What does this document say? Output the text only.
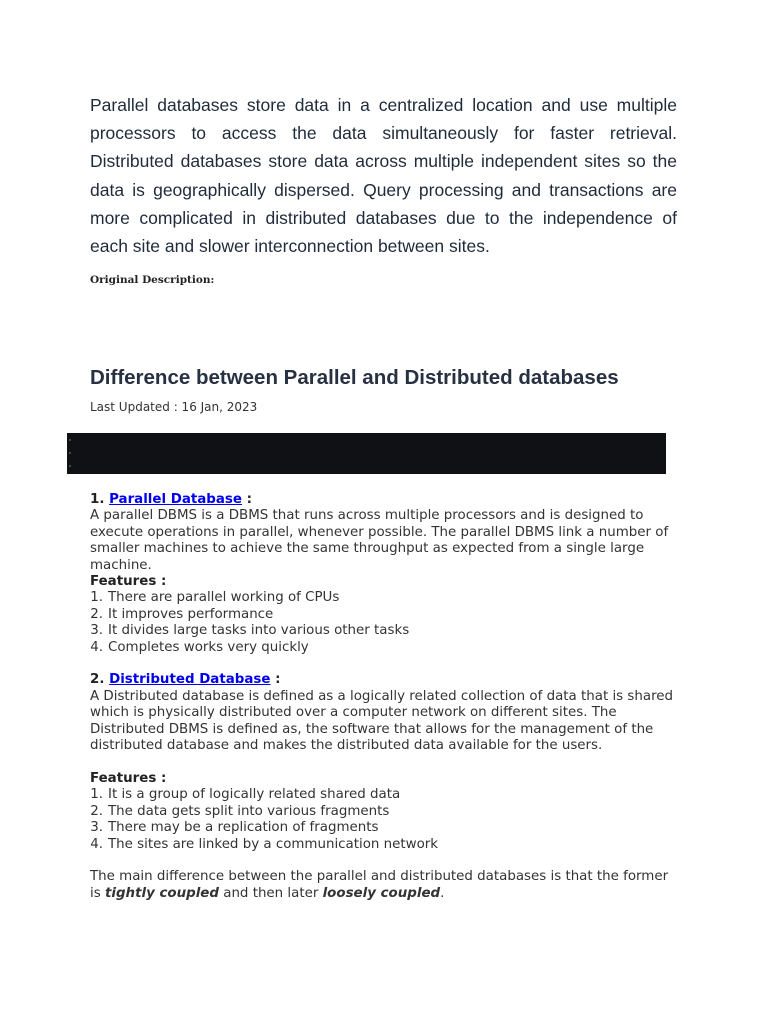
Parallel databases store data in a centralized location and use multiple processors to access the data simultaneously for faster retrieval. Distributed databases store data across multiple independent sites so the data is geographically dispersed. Query processing and transactions are more complicated in distributed databases due to the independence of each site and slower interconnection between sites.

Original Description:

Difference between Parallel and Distributed databases

Last Updated : 16 Jan, 2023

1. Parallel Database :

A parallel DBMS is a DBMS that runs across multiple processors and is designed to execute operations in parallel, whenever possible. The parallel DBMS link a number of smaller machines to achieve the same throughput as expected from a single large machine.

Features :

1. There are parallel working of CPUs
2. It improves performance
3. It divides large tasks into various other tasks
4. Completes works very quickly

2. Distributed Database :

A Distributed database is defined as a logically related collection of data that is shared which is physically distributed over a computer network on different sites. The Distributed DBMS is defined as, the software that allows for the management of the distributed database and makes the distributed data available for the users.

Features :

1. It is a group of logically related shared data
2. The data gets split into various fragments
3. There may be a replication of fragments
4. The sites are linked by a communication network

The main difference between the parallel and distributed databases is that the former is tightly coupled and then later loosely coupled.
